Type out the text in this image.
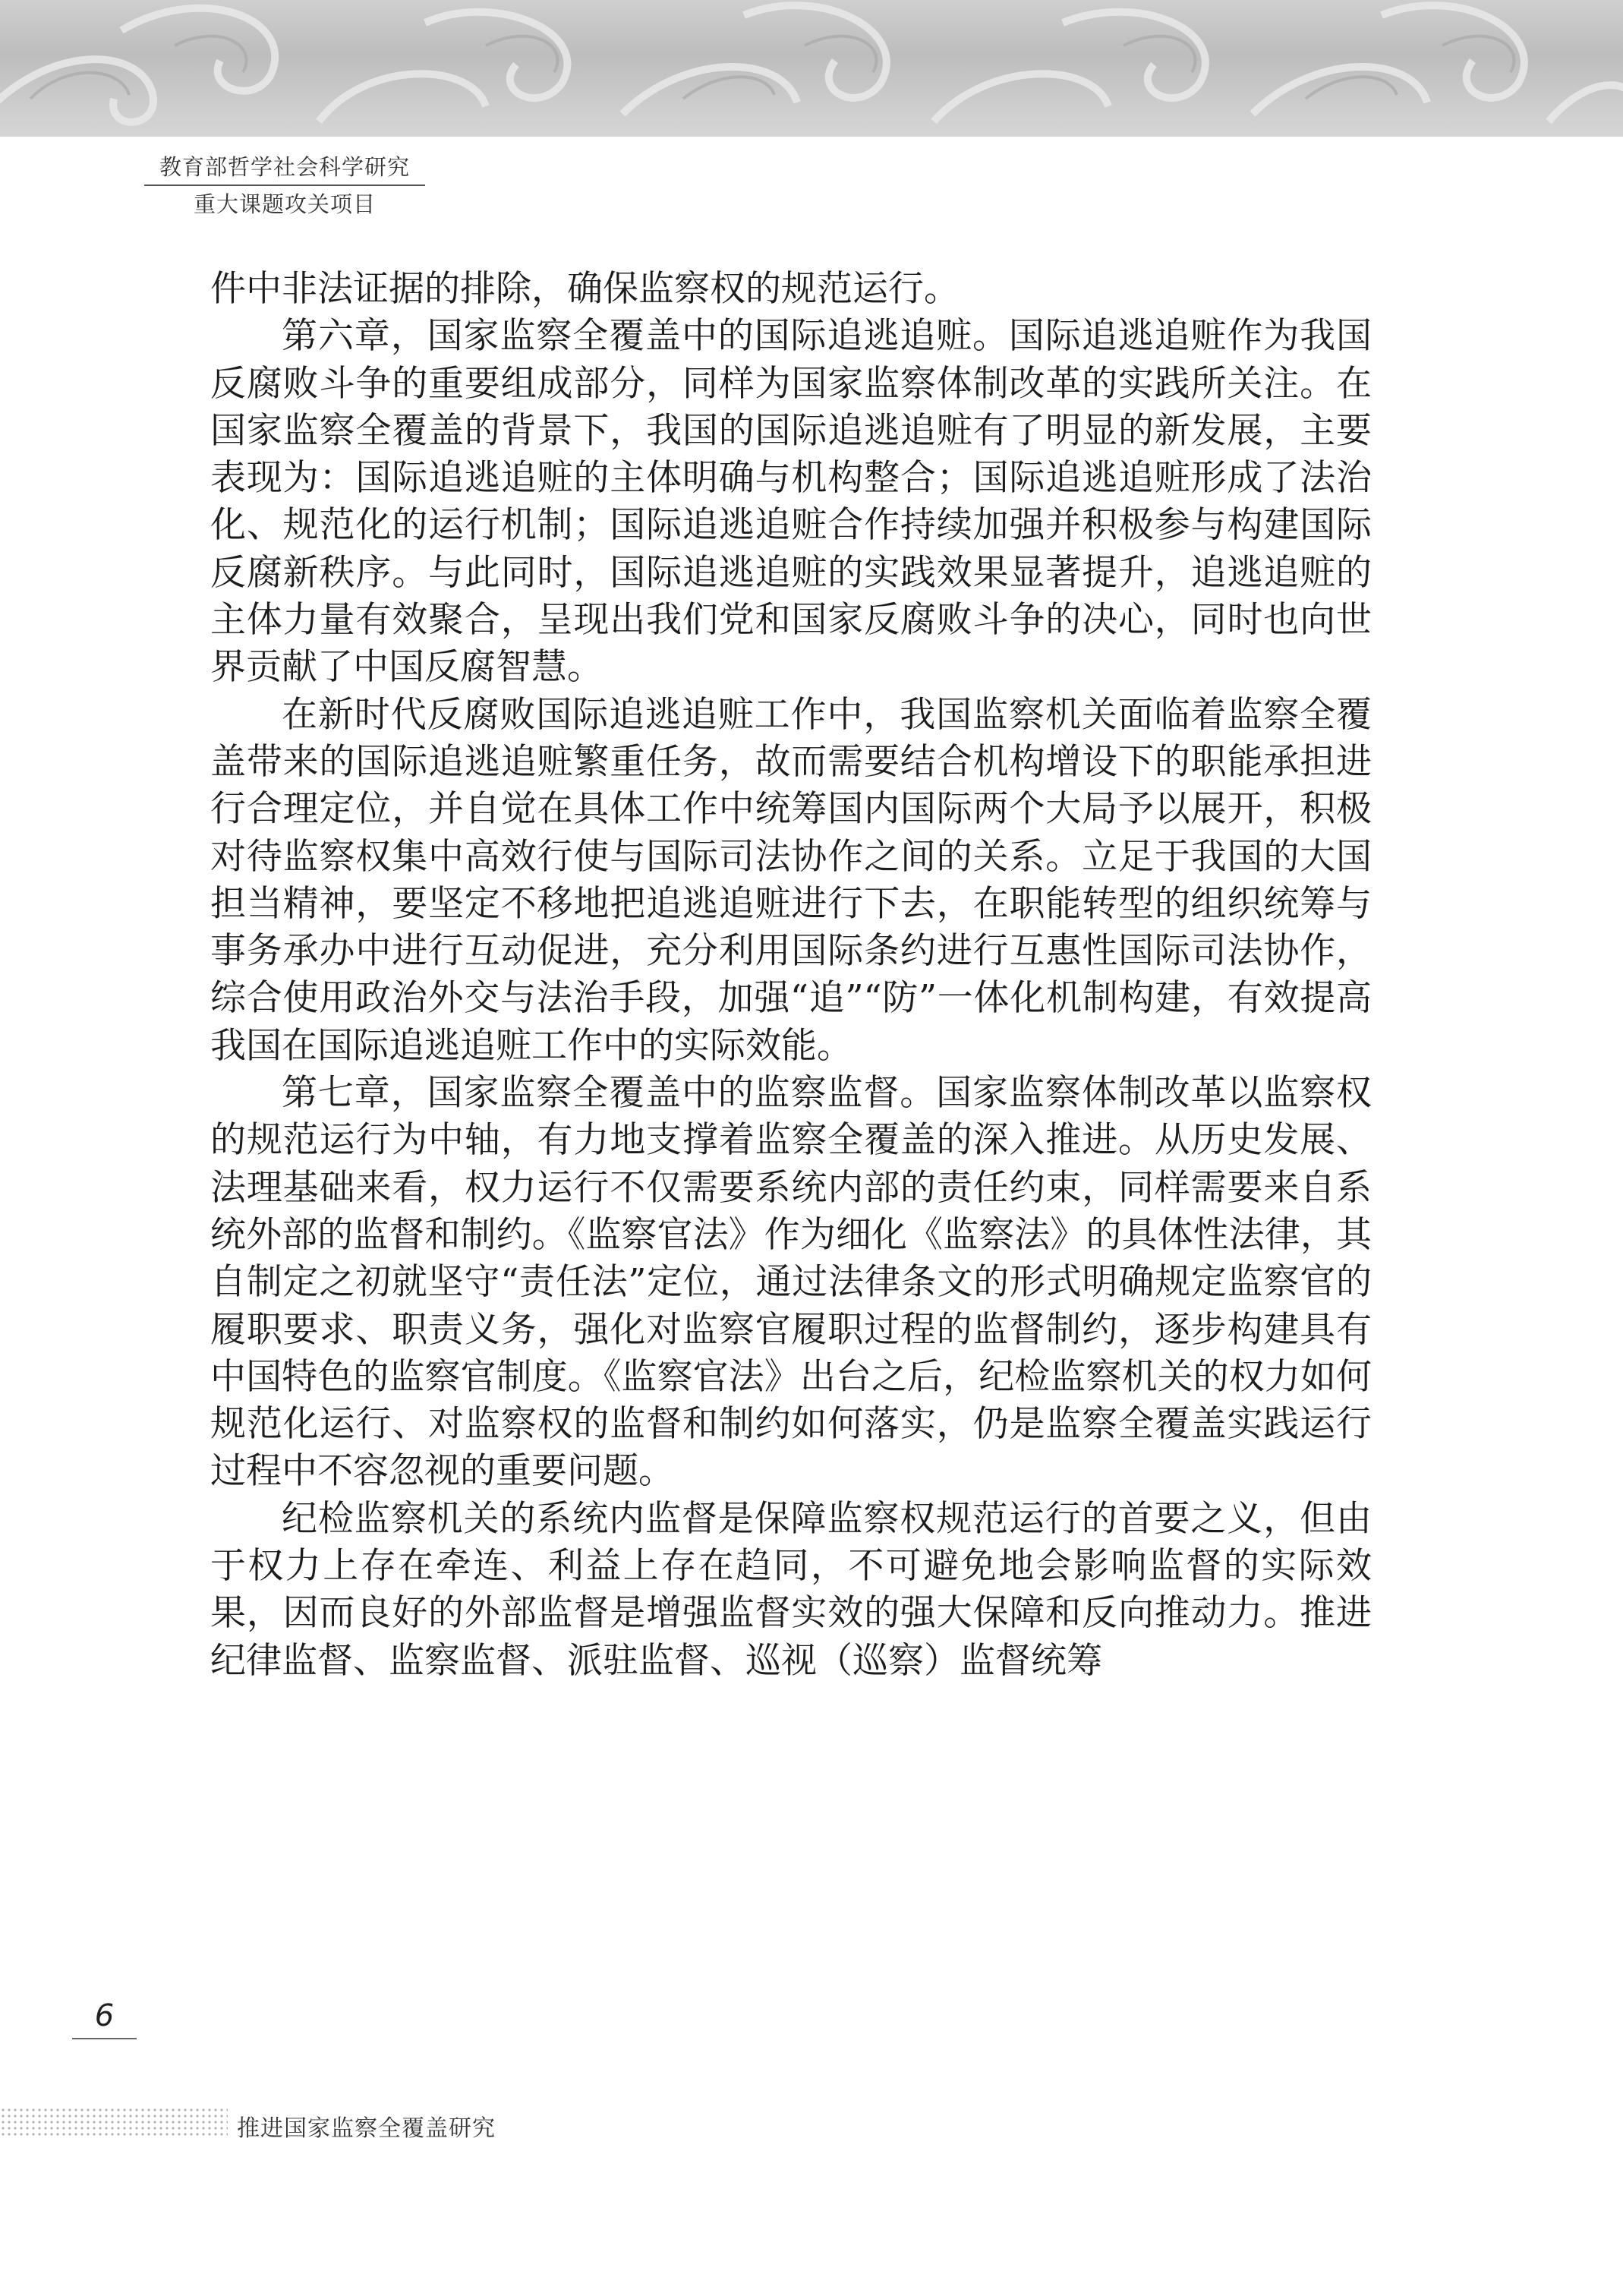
教育部哲学社会科学研究
重大课题攻关项目

件中非法证据的排除，确保监察权的规范运行。

第六章，国家监察全覆盖中的国际追逃追赃。国际追逃追赃作为我国反腐败斗争的重要组成部分，同样为国家监察体制改革的实践所关注。在国家监察全覆盖的背景下，我国的国际追逃追赃有了明显的新发展，主要表现为：国际追逃追赃的主体明确与机构整合；国际追逃追赃形成了法治化、规范化的运行机制；国际追逃追赃合作持续加强并积极参与构建国际反腐新秩序。与此同时，国际追逃追赃的实践效果显著提升，追逃追赃的主体力量有效聚合，呈现出我们党和国家反腐败斗争的决心，同时也向世界贡献了中国反腐智慧。

在新时代反腐败国际追逃追赃工作中，我国监察机关面临着监察全覆盖带来的国际追逃追赃繁重任务，故而需要结合机构增设下的职能承担进行合理定位，并自觉在具体工作中统筹国内国际两个大局予以展开，积极对待监察权集中高效行使与国际司法协作之间的关系。立足于我国的大国担当精神，要坚定不移地把追逃追赃进行下去，在职能转型的组织统筹与事务承办中进行互动促进，充分利用国际条约进行互惠性国际司法协作，综合使用政治外交与法治手段，加强“追”“防”一体化机制构建，有效提高我国在国际追逃追赃工作中的实际效能。

第七章，国家监察全覆盖中的监察监督。国家监察体制改革以监察权的规范运行为中轴，有力地支撑着监察全覆盖的深入推进。从历史发展、法理基础来看，权力运行不仅需要系统内部的责任约束，同样需要来自系统外部的监督和制约。《监察官法》作为细化《监察法》的具体性法律，其自制定之初就坚守“责任法”定位，通过法律条文的形式明确规定监察官的履职要求、职责义务，强化对监察官履职过程的监督制约，逐步构建具有中国特色的监察官制度。《监察官法》出台之后，纪检监察机关的权力如何规范化运行、对监察权的监督和制约如何落实，仍是监察全覆盖实践运行过程中不容忽视的重要问题。

纪检监察机关的系统内监督是保障监察权规范运行的首要之义，但由于权力上存在牵连、利益上存在趋同，不可避免地会影响监督的实际效果，因而良好的外部监督是增强监督实效的强大保障和反向推动力。推进纪律监督、监察监督、派驻监督、巡视（巡察）监督统筹

6
推进国家监察全覆盖研究
